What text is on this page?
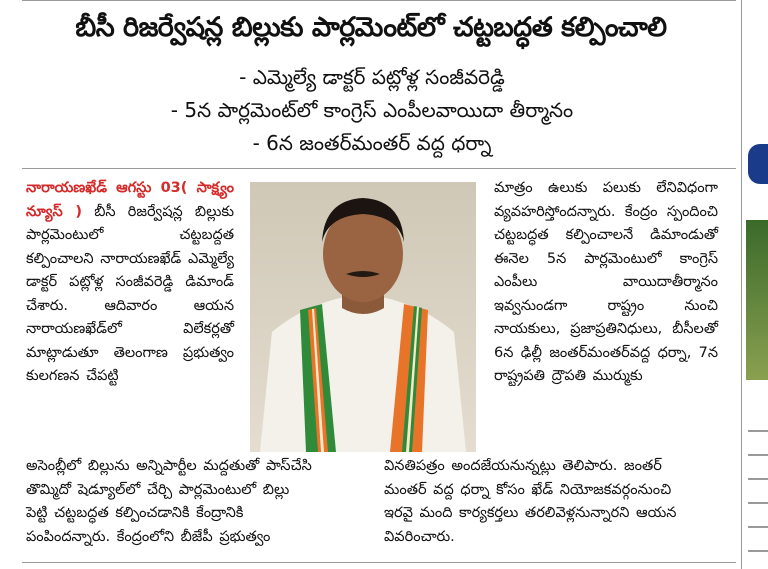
బీసీ రిజర్వేషన్ల బిల్లుకు పార్లమెంట్‌లో చట్టబద్ధత కల్పించాలి
- ఎమ్మెల్యే డాక్టర్ పట్లోళ్ల సంజీవరెడ్డి
- 5న పార్లమెంట్‌లో కాంగ్రెస్ ఎంపీలవాయిదా తీర్మానం
- 6న జంతర్‌మంతర్ వద్ద ధర్నా

నారాయణఖేడ్ ఆగస్టు 03( సాక్ష్యం న్యూస్ ) బీసీ రిజర్వేషన్ల బిల్లుకు పార్లమెంటులో చట్టబద్దత కల్పించాలని నారాయణఖేడ్ ఎమ్మెల్యే డాక్టర్ పట్లోళ్ల సంజీవరెడ్డి డిమాండ్ చేశారు. ఆదివారం ఆయన నారాయణఖేడ్‌లో విలేకర్లతో మాట్లాడుతూ తెలంగాణ ప్రభుత్వం కులగణన చేపట్టి

మాత్రం ఉలుకు పలుకు లేనివిధంగా వ్యవహరిస్తోందన్నారు. కేంద్రం స్పందించి చట్టబద్ధత కల్పించాలనే డిమాండుతో ఈనెల 5న పార్లమెంటులో కాంగ్రెస్ ఎంపీలు వాయిదాతీర్మానం ఇవ్వనుండగా రాష్ట్రం నుంచి నాయకులు, ప్రజాప్రతినిధులు, బీసీలతో 6న ఢిల్లీ జంతర్‌మంతర్‌వద్ద ధర్నా, 7న రాష్ట్రపతి ద్రౌపతి ముర్ముకు

అసెంబ్లీలో బిల్లును అన్నిపార్టీల మద్దతుతో పాస్‌చేసి
తొమ్మిదో షెడ్యూల్‌లో చేర్చి పార్లమెంటులో బిల్లు
పెట్టి చట్టబద్ధత కల్పించడానికి కేంద్రానికి
పంపిందన్నారు. కేంద్రంలోని బీజేపీ ప్రభుత్వం
వినతిపత్రం అందజేయనున్నట్లు తెలిపారు. జంతర్
మంతర్ వద్ద ధర్నా కోసం ఖేడ్ నియోజకవర్గంనుంచి
ఇరవై మంది కార్యకర్తలు తరలివెళ్లనున్నారని ఆయన
వివరించారు.
